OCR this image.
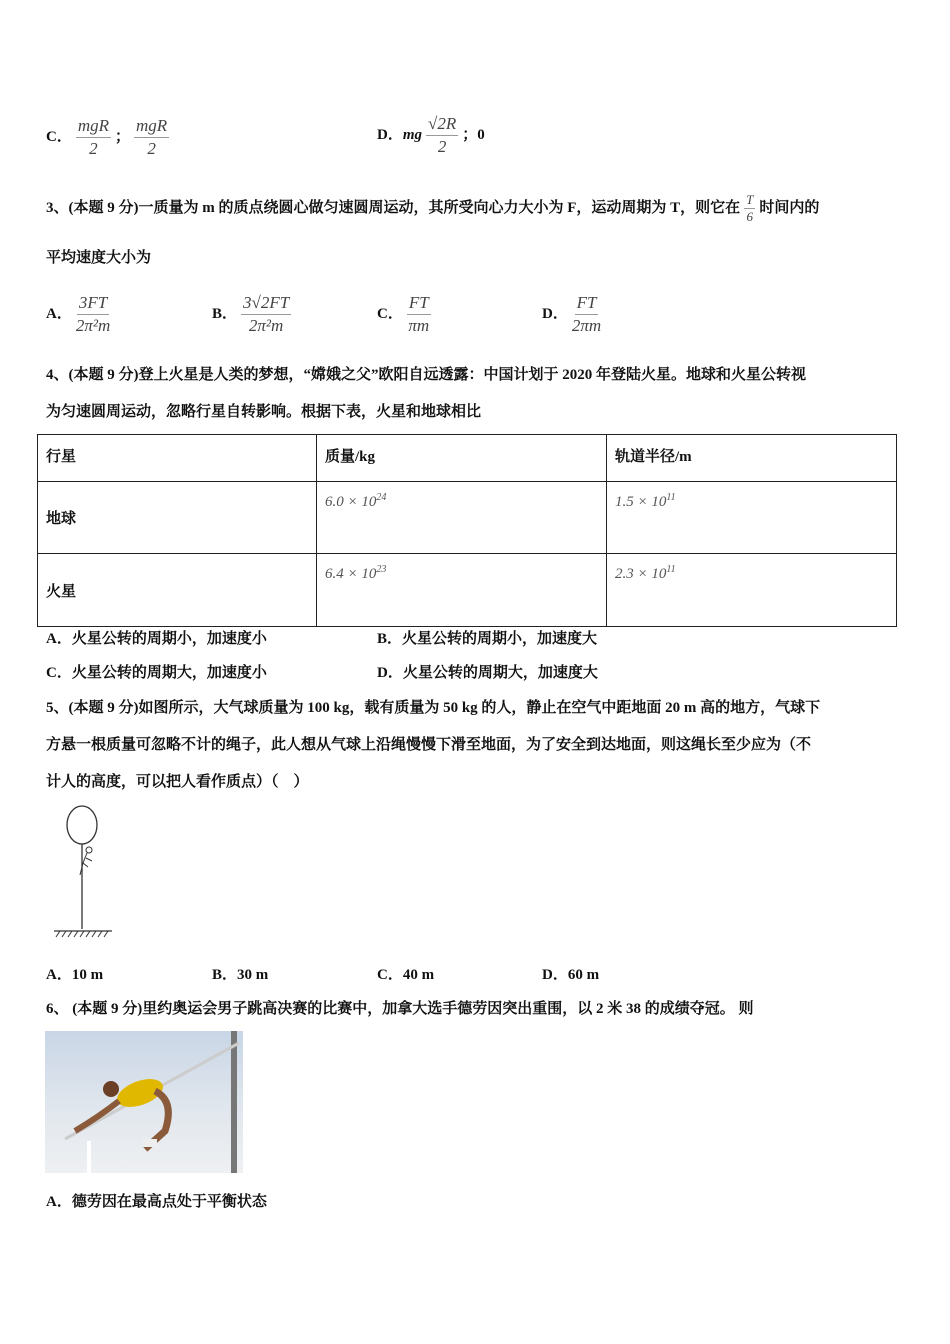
C． $\frac{\text{mgR}}{2}$ ； $\frac{\text{mgR}}{2}$	D． mg $\frac{√2R}{2}$ ；0
3、(本题 9 分)一质量为 m 的质点绕圆心做匀速圆周运动，其所受向心力大小为 F，运动周期为 T，则它在 $\frac{T}{6}$ 时间内的
平均速度大小为
A． $\frac{3FT}{\text{2π²m}}$	B． $\frac{3√2FT}{\text{2π²m}}$	C． $\frac{FT}{\pi m}$	D． $\frac{FT}{2\pi m}$
4、(本题 9 分)登上火星是人类的梦想，“嫦娥之父”欧阳自远透露：中国计划于 2020 年登陆火星。地球和火星公转视
为匀速圆周运动，忽略行星自转影响。根据下表，火星和地球相比
行星	质量/kg	轨道半径/m
地球	$6.0 \times 10^{24}$	$1.5 \times 10^{11}$
火星	$6.4 \times 10^{23}$	$2.3 \times 10^{11}$
A．火星公转的周期小，加速度小	B．火星公转的周期小，加速度大
C．火星公转的周期大，加速度小	D．火星公转的周期大，加速度大
5、(本题 9 分)如图所示，大气球质量为 100 kg，载有质量为 50 kg 的人，静止在空气中距地面 20 m 高的地方，气球下
方悬一根质量可忽略不计的绳子，此人想从气球上沿绳慢慢下滑至地面，为了安全到达地面，则这绳长至少应为（不
计人的高度，可以把人看作质点）（　）
A．10 m	B．30 m	C．40 m	D．60 m
6、 (本题 9 分)里约奥运会男子跳高决赛的比赛中，加拿大选手德劳因突出重围，以 2 米 38 的成绩夺冠。 则
A．德劳因在最高点处于平衡状态
